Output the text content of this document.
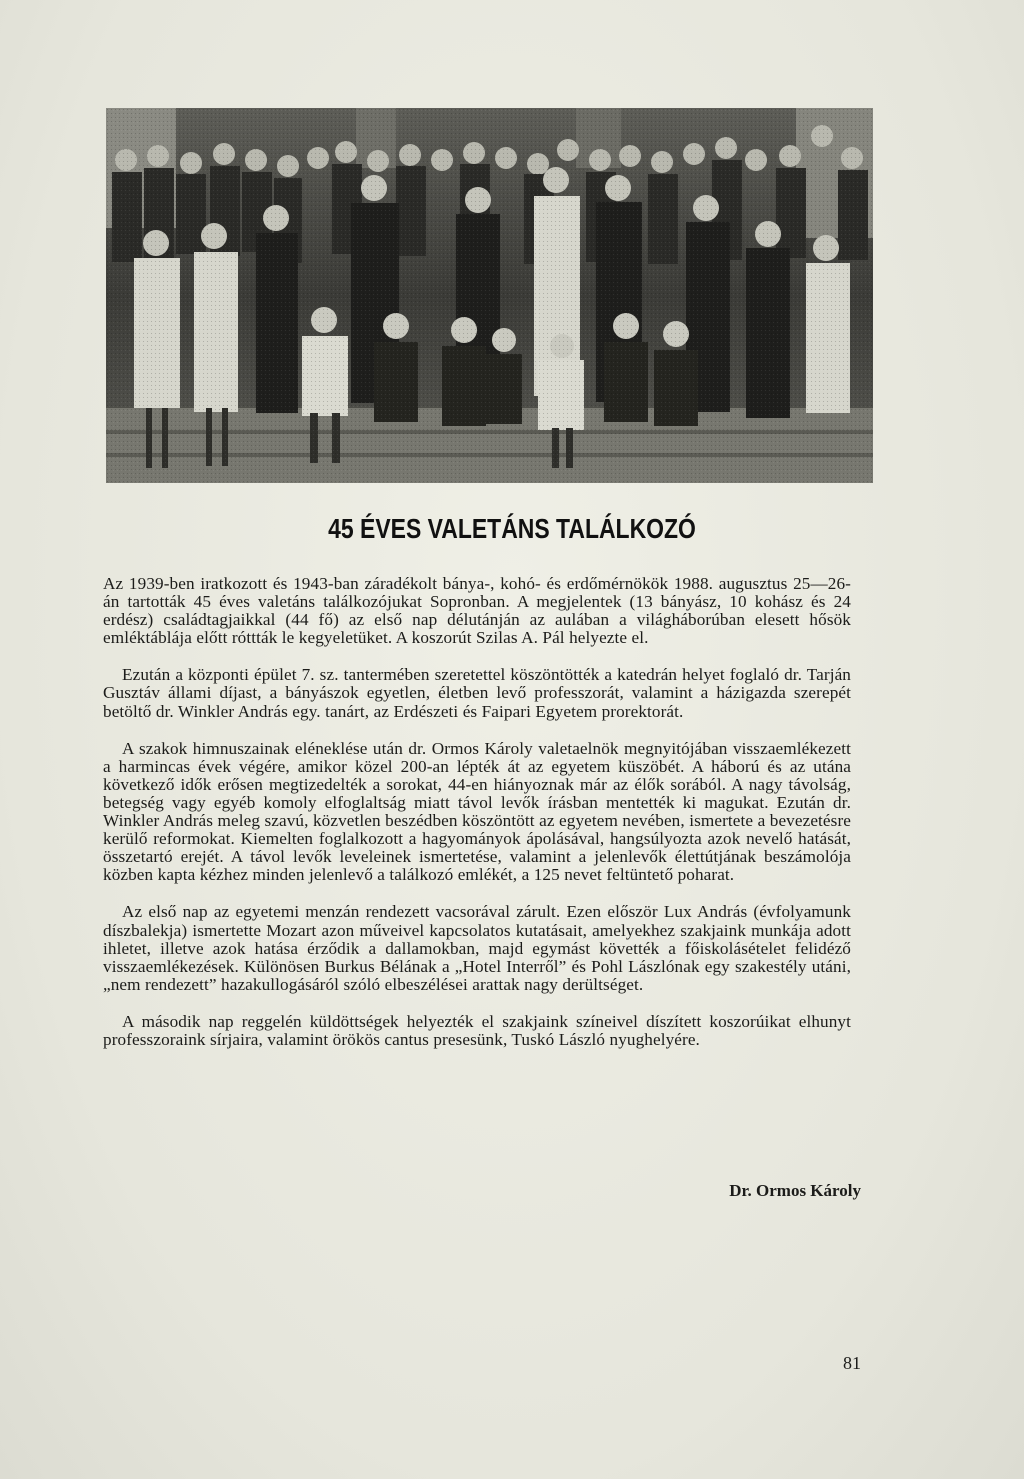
45 ÉVES VALETÁNS TALÁLKOZÓ

Az 1939-ben iratkozott és 1943-ban záradékolt bánya-, kohó- és erdőmérnökök 1988. augusztus 25—26-án tartották 45 éves valetáns találkozójukat Sopronban. A megjelentek (13 bányász, 10 kohász és 24 erdész) családtagjaikkal (44 fő) az első nap délutánján az aulában a világháborúban elesett hősök emléktáblája előtt róttták le kegyeletüket. A koszorút Szilas A. Pál helyezte el.

Ezután a központi épület 7. sz. tantermében szeretettel köszöntötték a katedrán helyet foglaló dr. Tarján Gusztáv állami díjast, a bányászok egyetlen, életben levő professzorát, valamint a házigazda szerepét betöltő dr. Winkler András egy. tanárt, az Erdészeti és Faipari Egyetem prorektorát.

A szakok himnuszainak eléneklése után dr. Ormos Károly valetaelnök megnyitójában visszaemlékezett a harmincas évek végére, amikor közel 200-an lépték át az egyetem küszöbét. A háború és az utána következő idők erősen megtizedelték a sorokat, 44-en hiányoznak már az élők sorából. A nagy távolság, betegség vagy egyéb komoly elfoglaltság miatt távol levők írásban mentették ki magukat. Ezután dr. Winkler András meleg szavú, közvetlen beszédben köszöntött az egyetem nevében, ismertete a bevezetésre kerülő reformokat. Kiemelten foglalkozott a hagyományok ápolásával, hangsúlyozta azok nevelő hatását, összetartó erejét. A távol levők leveleinek ismertetése, valamint a jelenlevők élettútjának beszámolója közben kapta kézhez minden jelenlevő a találkozó emlékét, a 125 nevet feltüntető poharat.

Az első nap az egyetemi menzán rendezett vacsorával zárult. Ezen először Lux András (évfolyamunk díszbalekja) ismertette Mozart azon műveivel kapcsolatos kutatásait, amelyekhez szakjaink munkája adott ihletet, illetve azok hatása érződik a dallamokban, majd egymást követték a főiskolásételet felidéző visszaemlékezések. Különösen Burkus Bélának a „Hotel Interről” és Pohl Lászlónak egy szakestély utáni, „nem rendezett” hazakullogásáról szóló elbeszélései arattak nagy derültséget.

A második nap reggelén küldöttségek helyezték el szakjaink színeivel díszített koszorúikat elhunyt professzoraink sírjaira, valamint örökös cantus presesünk, Tuskó László nyughelyére.

Dr. Ormos Károly
81
